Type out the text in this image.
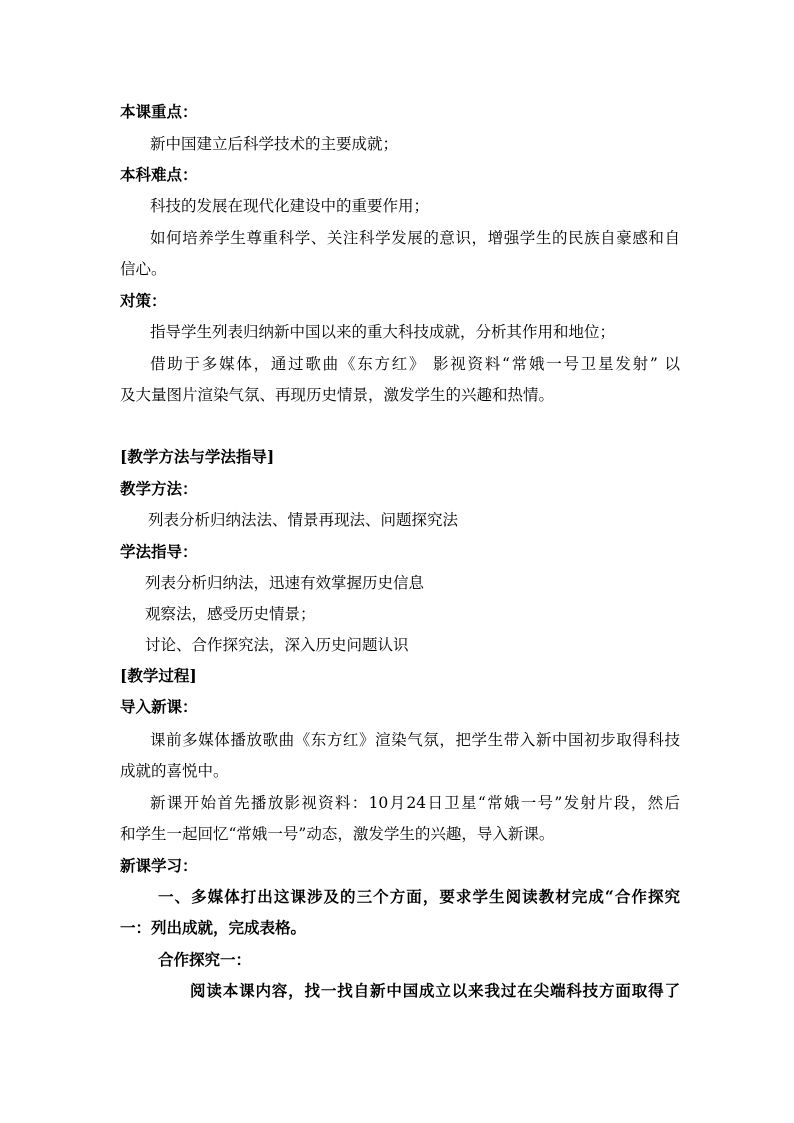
本课重点：
新中国建立后科学技术的主要成就；
本科难点：
科技的发展在现代化建设中的重要作用；
如何培养学生尊重科学、关注科学发展的意识，增强学生的民族自豪感和自
信心。
对策：
指导学生列表归纳新中国以来的重大科技成就，分析其作用和地位；
借助于多媒体，通过歌曲《东方红》 影视资料“常娥一号卫星发射” 以
及大量图片渲染气氛、再现历史情景，激发学生的兴趣和热情。
[教学方法与学法指导]
教学方法：
列表分析归纳法法、情景再现法、问题探究法
学法指导：
列表分析归纳法，迅速有效掌握历史信息
观察法，感受历史情景；
讨论、合作探究法，深入历史问题认识
[教学过程]
导入新课：
课前多媒体播放歌曲《东方红》渲染气氛，把学生带入新中国初步取得科技
成就的喜悦中。
新课开始首先播放影视资料：10月24日卫星“常娥一号”发射片段，然后
和学生一起回忆“常娥一号”动态，激发学生的兴趣，导入新课。
新课学习：
一、多媒体打出这课涉及的三个方面，要求学生阅读教材完成“合作探究
一：列出成就，完成表格。
合作探究一：
阅读本课内容，找一找自新中国成立以来我过在尖端科技方面取得了
